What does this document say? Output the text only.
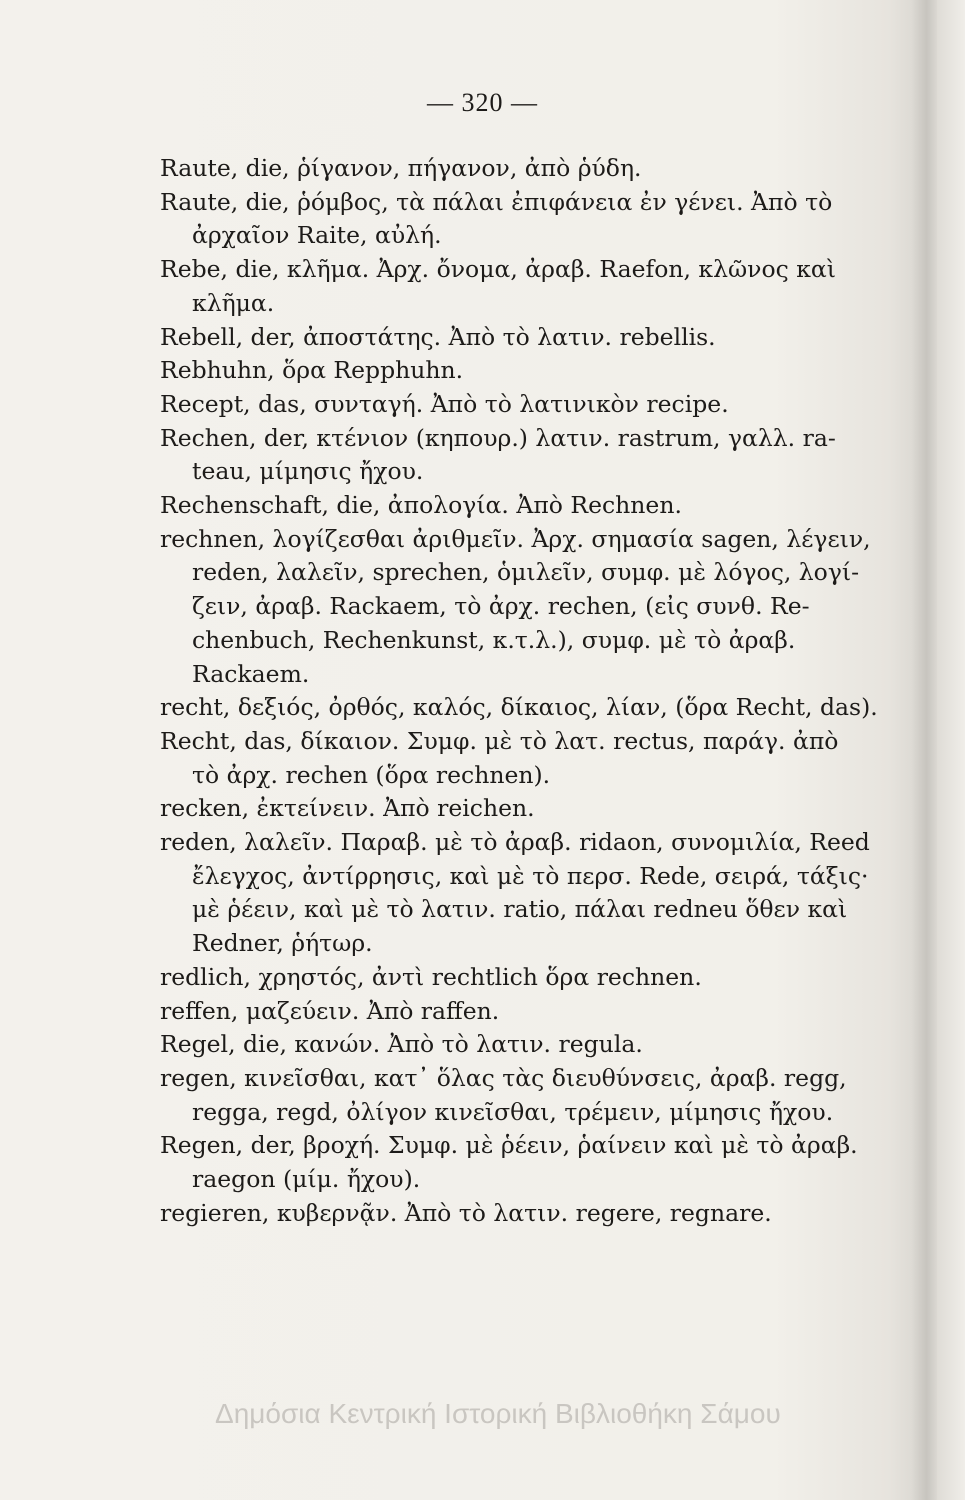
— 320 —
Raute, die, ῥίγανον, πήγανον, ἀπὸ ῥύδη.
Raute, die, ῥόμβος, τὰ πάλαι ἐπιφάνεια ἐν γένει. Ἀπὸ τὸ
ἀρχαῖον Raite, αὐλή.
Rebe, die, κλῆμα. Ἀρχ. ὄνομα, ἀραβ. Raefon, κλῶνος καὶ
κλῆμα.
Rebell, der, ἀποστάτης. Ἀπὸ τὸ λατιν. rebellis.
Rebhuhn, ὅρα Repphuhn.
Recept, das, συνταγή. Ἀπὸ τὸ λατινικὸν recipe.
Rechen, der, κτένιον (κηπουρ.) λατιν. rastrum, γαλλ. ra-
teau, μίμησις ἤχου.
Rechenschaft, die, ἀπολογία. Ἀπὸ Rechnen.
rechnen, λογίζεσθαι ἀριθμεῖν. Ἀρχ. σημασία sagen, λέγειν,
reden, λαλεῖν, sprechen, ὁμιλεῖν, συμφ. μὲ λόγος, λογί-
ζειν, ἀραβ. Rackaem, τὸ ἀρχ. rechen, (εἰς συνθ. Re-
chenbuch, Rechenkunst, κ.τ.λ.), συμφ. μὲ τὸ ἀραβ.
Rackaem.
recht, δεξιός, ὀρθός, καλός, δίκαιος, λίαν, (ὅρα Recht, das).
Recht, das, δίκαιον. Συμφ. μὲ τὸ λατ. rectus, παράγ. ἀπὸ
τὸ ἀρχ. rechen (ὅρα rechnen).
recken, ἐκτείνειν. Ἀπὸ reichen.
reden, λαλεῖν. Παραβ. μὲ τὸ ἀραβ. ridaon, συνομιλία, Reed
ἔλεγχος, ἀντίρρησις, καὶ μὲ τὸ περσ. Rede, σειρά, τάξις·
μὲ ῥέειν, καὶ μὲ τὸ λατιν. ratio, πάλαι redneu ὅθεν καὶ
Redner, ῥήτωρ.
redlich, χρηστός, ἀντὶ rechtlich ὅρα rechnen.
reffen, μαζεύειν. Ἀπὸ raffen.
Regel, die, κανών. Ἀπὸ τὸ λατιν. regula.
regen, κινεῖσθαι, κατ᾽ ὅλας τὰς διευθύνσεις, ἀραβ. regg,
regga, regd, ὀλίγον κινεῖσθαι, τρέμειν, μίμησις ἤχου.
Regen, der, βροχή. Συμφ. μὲ ῥέειν, ῥαίνειν καὶ μὲ τὸ ἀραβ.
raegon (μίμ. ἤχου).
regieren, κυβερνᾷν. Ἀπὸ τὸ λατιν. regere, regnare.
Δημόσια Κεντρική Ιστορική Βιβλιοθήκη Σάμου
